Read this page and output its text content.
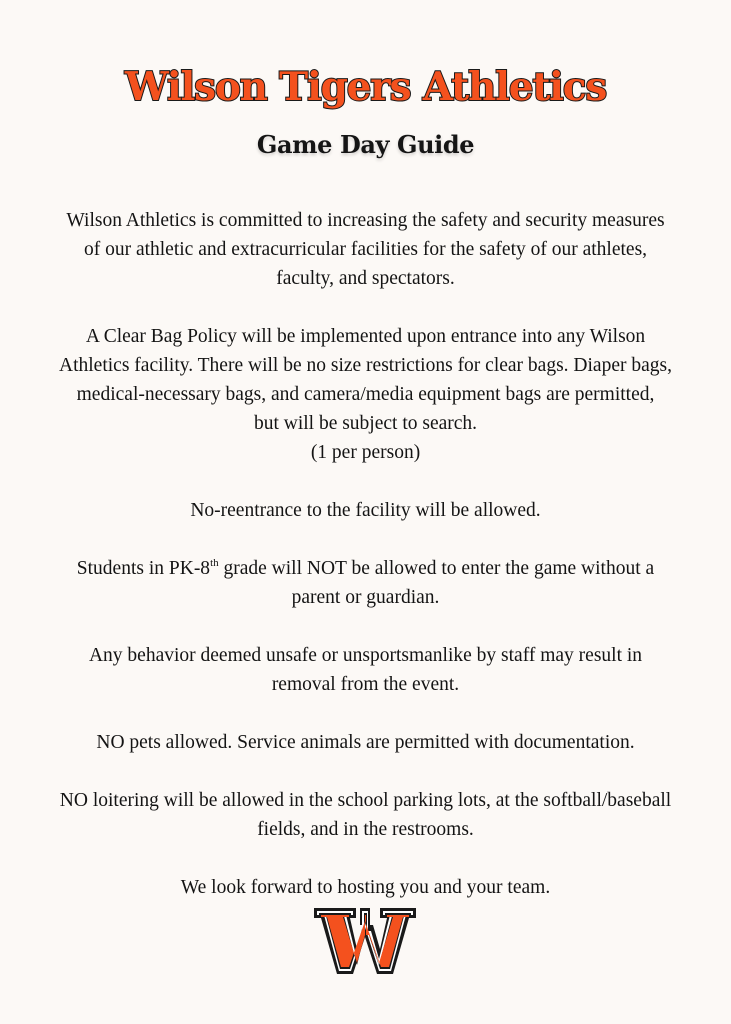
Wilson Tigers Athletics
Game Day Guide

Wilson Athletics is committed to increasing the safety and security measures
of our athletic and extracurricular facilities for the safety of our athletes,
faculty, and spectators.

A Clear Bag Policy will be implemented upon entrance into any Wilson
Athletics facility. There will be no size restrictions for clear bags. Diaper bags,
medical-necessary bags, and camera/media equipment bags are permitted,
but will be subject to search.
(1 per person)

No-reentrance to the facility will be allowed.

Students in PK-8th grade will NOT be allowed to enter the game without a
parent or guardian.

Any behavior deemed unsafe or unsportsmanlike by staff may result in
removal from the event.

NO pets allowed. Service animals are permitted with documentation.

NO loitering will be allowed in the school parking lots, at the softball/baseball
fields, and in the restrooms.

We look forward to hosting you and your team.
